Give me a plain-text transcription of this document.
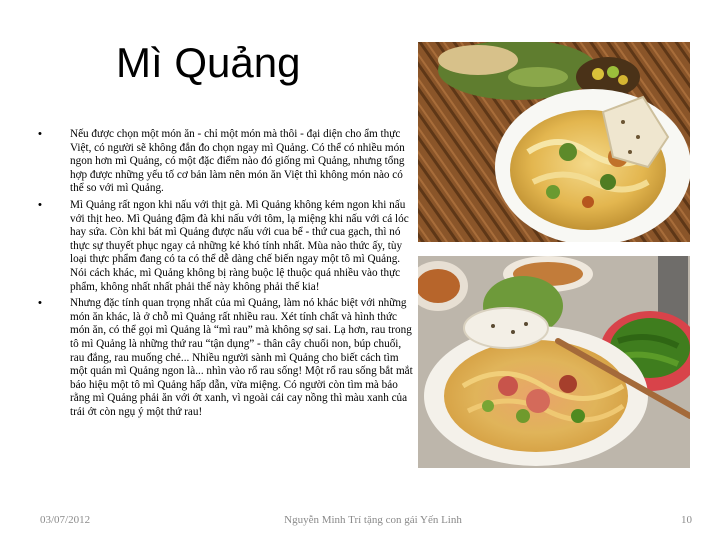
Mì Quảng
•	Nếu được chọn một món ăn - chỉ một món mà thôi - đại diện cho ẩm thực Việt, có người sẽ không đắn đo chọn ngay mì Quảng. Có thể có nhiều món ngon hơn mì Quảng, có một đặc điểm nào đó giống mì Quảng, nhưng tổng hợp được những yếu tố cơ bản làm nên món ăn Việt thì không món nào có thể so với mì Quảng.
•	Mì Quảng rất ngon khi nấu với thịt gà. Mì Quảng không kém ngon khi nấu với thịt heo. Mì Quảng đậm đà khi nấu với tôm, lạ miệng khi nấu với cá lóc hay sứa. Còn khi bát mì Quảng được nấu với cua bể - thứ cua gạch, thì nó thực sự thuyết phục ngay cả những kẻ khó tính nhất. Mùa nào thức ấy, tùy loại thực phẩm đang có ta có thể dễ dàng chế biến ngay một tô mì Quảng. Nói cách khác, mì Quảng không bị ràng buộc lệ thuộc quá nhiều vào thực phẩm, không nhất nhất phải thế này không phải thế kia!
•	Nhưng đặc tính quan trọng nhất của mì Quảng, làm nó khác biệt với những món ăn khác, là ở chỗ mì Quảng rất nhiều rau. Xét tính chất và hình thức món ăn, có thể gọi mì Quảng là “mì rau” mà không sợ sai. Lạ hơn, rau trong tô mì Quảng là những thứ rau “tận dụng” - thân cây chuối non, búp chuối, rau đắng, rau muống chẻ... Nhiều người sành mì Quảng cho biết cách tìm một quán mì Quảng ngon là... nhìn vào rổ rau sống! Một rổ rau sống bắt mắt báo hiệu một tô mì Quảng hấp dẫn, vừa miệng. Có người còn tìm mà bảo rằng mì Quảng phải ăn với ớt xanh, vì ngoài cái cay nồng thì màu xanh của trái ớt còn ngụ ý một thứ rau!
03/07/2012	Nguyễn Minh Trí tặng con gái Yến Linh	10
